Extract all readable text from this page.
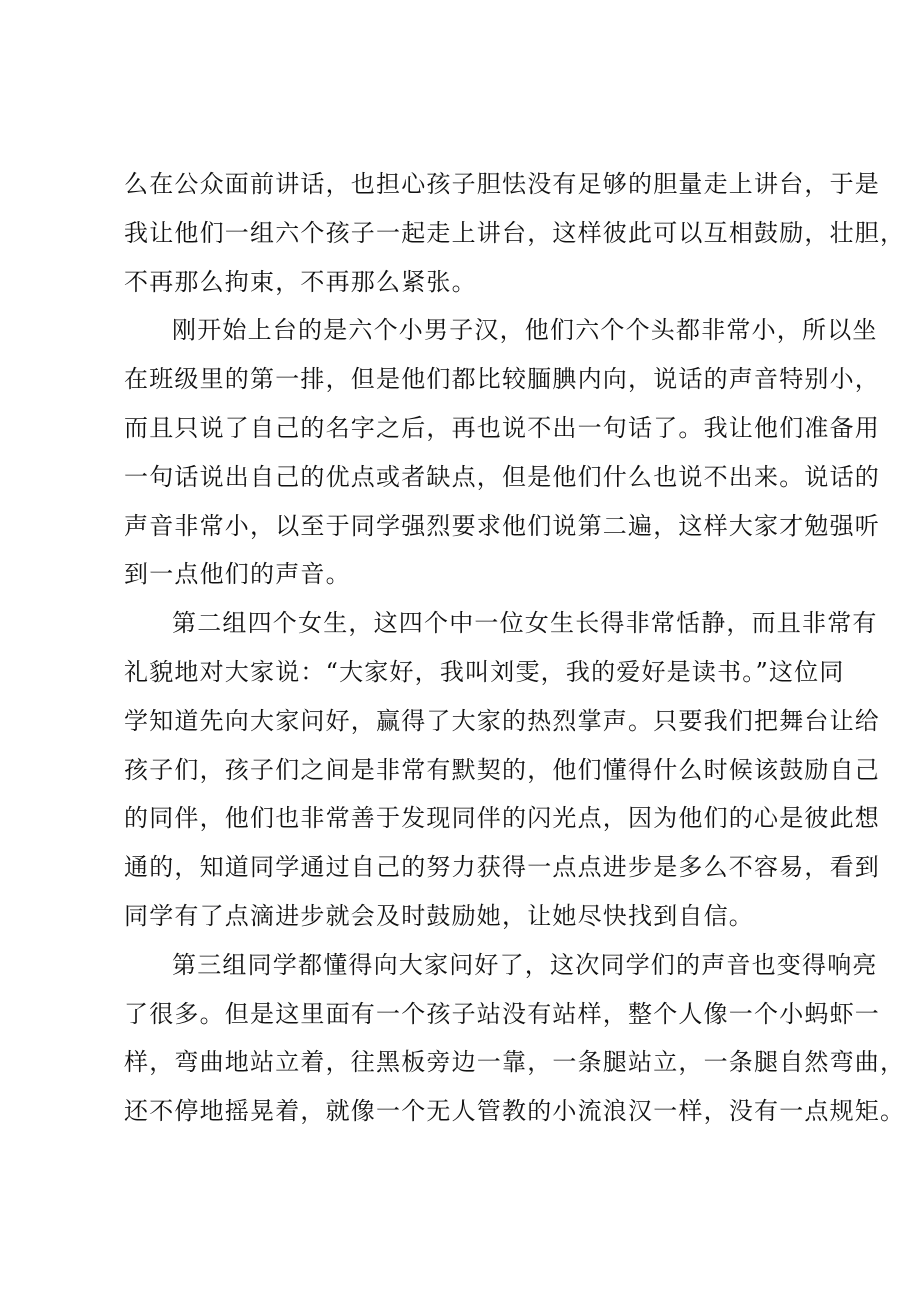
么在公众面前讲话，也担心孩子胆怯没有足够的胆量走上讲台，于是
我让他们一组六个孩子一起走上讲台，这样彼此可以互相鼓励，壮胆，
不再那么拘束，不再那么紧张。
刚开始上台的是六个小男子汉，他们六个个头都非常小，所以坐
在班级里的第一排，但是他们都比较腼腆内向，说话的声音特别小，
而且只说了自己的名字之后，再也说不出一句话了。我让他们准备用
一句话说出自己的优点或者缺点，但是他们什么也说不出来。说话的
声音非常小，以至于同学强烈要求他们说第二遍，这样大家才勉强听
到一点他们的声音。
第二组四个女生，这四个中一位女生长得非常恬静，而且非常有
礼貌地对大家说：“大家好，我叫刘雯，我的爱好是读书。”这位同
学知道先向大家问好，赢得了大家的热烈掌声。只要我们把舞台让给
孩子们，孩子们之间是非常有默契的，他们懂得什么时候该鼓励自己
的同伴，他们也非常善于发现同伴的闪光点，因为他们的心是彼此想
通的，知道同学通过自己的努力获得一点点进步是多么不容易，看到
同学有了点滴进步就会及时鼓励她，让她尽快找到自信。
第三组同学都懂得向大家问好了，这次同学们的声音也变得响亮
了很多。但是这里面有一个孩子站没有站样，整个人像一个小蚂虾一
样，弯曲地站立着，往黑板旁边一靠，一条腿站立，一条腿自然弯曲，
还不停地摇晃着，就像一个无人管教的小流浪汉一样，没有一点规矩。
